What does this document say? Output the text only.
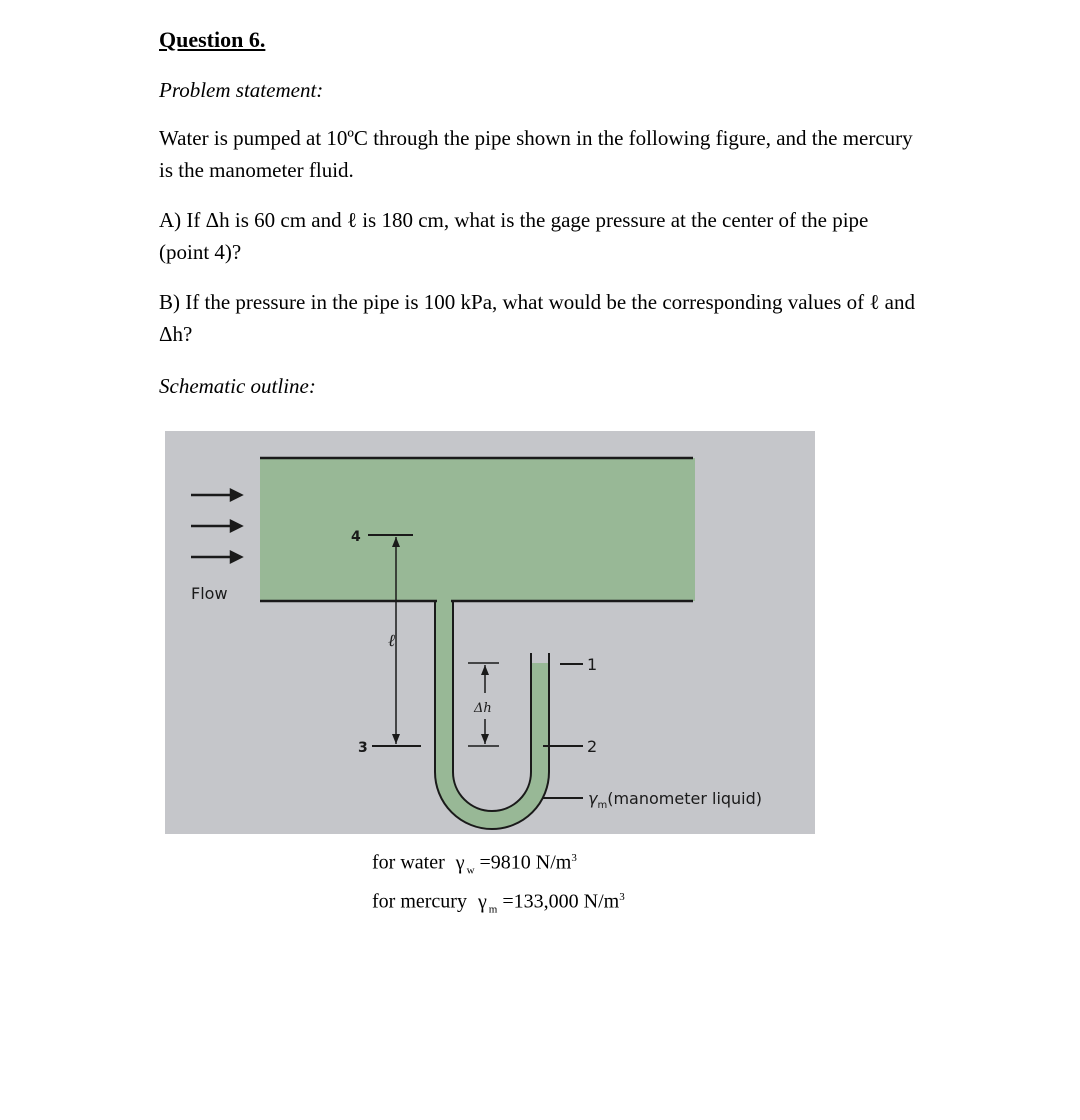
Question 6.
Problem statement:
Water is pumped at 10ºC through the pipe shown in the following figure, and the mercury is the manometer fluid.
A) If Δh is 60 cm and ℓ is 180 cm, what is the gage pressure at the center of the pipe (point 4)?
B) If the pressure in the pipe is 100 kPa, what would be the corresponding values of ℓ and Δh?
Schematic outline:
Flow
4
ℓ
3
Δh
1
2
$\gamma_m(manometer$ liquid)
for water γ $_w$ =9810 $N/m^3$
for mercury γ $_m$ =133,000 $N/m^3$
